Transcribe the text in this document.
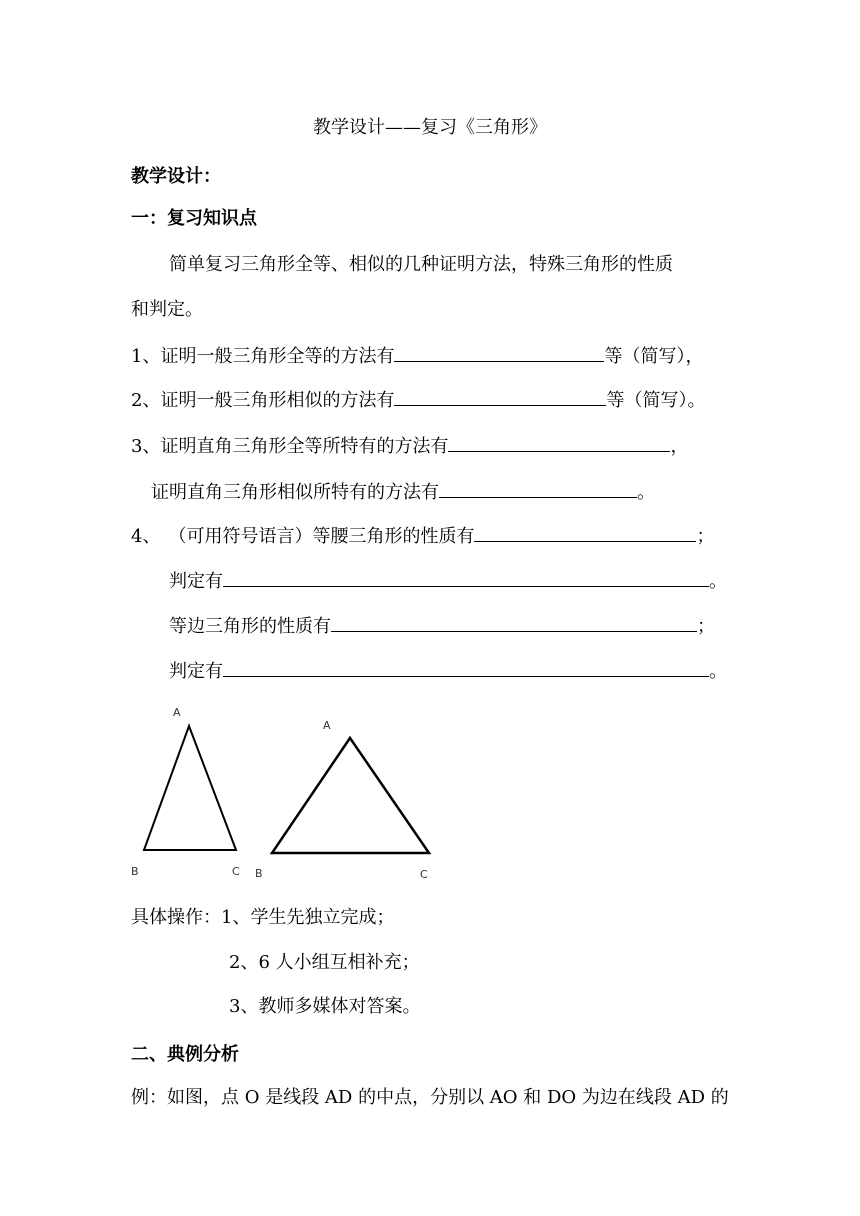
教学设计——复习《三角形》
教学设计：
一：复习知识点
简单复习三角形全等、相似的几种证明方法，特殊三角形的性质
和判定。
1、证明一般三角形全等的方法有	等（简写），
2、证明一般三角形相似的方法有	等（简写）。
3、证明直角三角形全等所特有的方法有	，
证明直角三角形相似所特有的方法有	。
4、 （可用符号语言）等腰三角形的性质有	；
判定有	。
等边三角形的性质有	；
判定有	。
A
B	C
A
B	C
具体操作：1、学生先独立完成；
2、6 人小组互相补充；
3、教师多媒体对答案。
二、典例分析
例：如图，点 O 是线段 AD 的中点，分别以 AO 和 DO 为边在线段 AD 的
